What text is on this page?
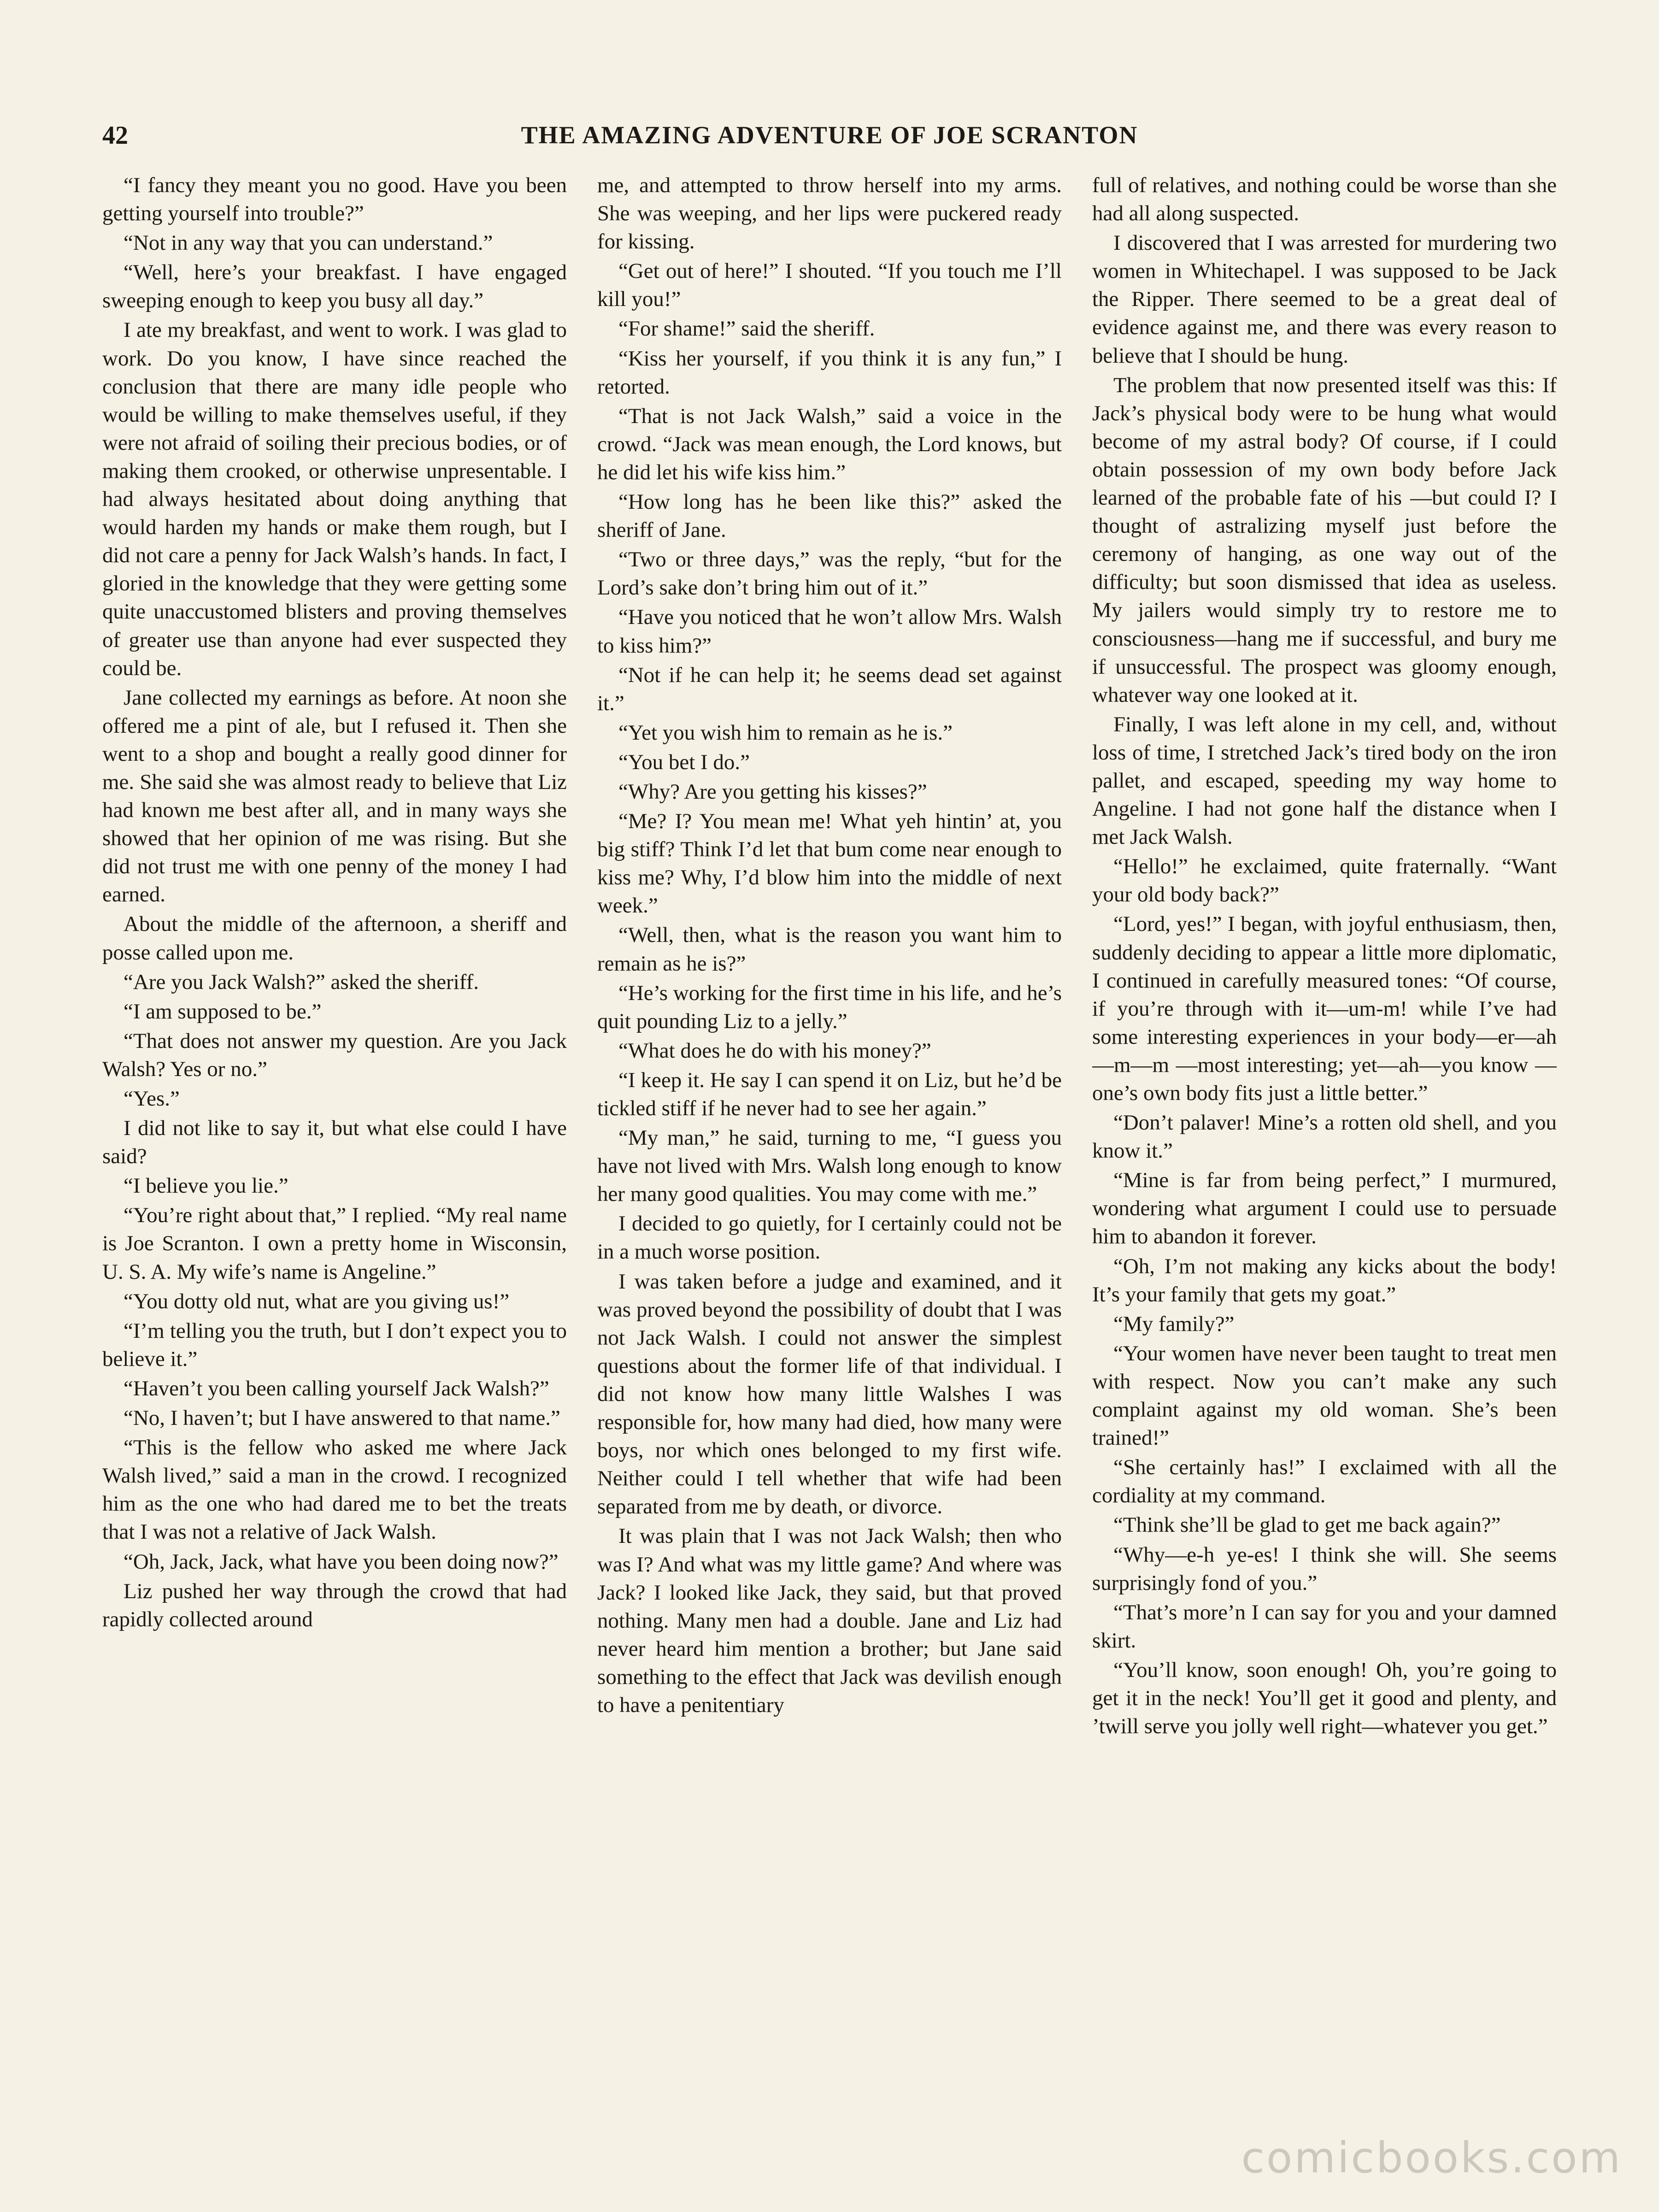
42	THE AMAZING ADVENTURE OF JOE SCRANTON

“I fancy they meant you no good. Have you been getting yourself into trouble?”

“Not in any way that you can understand.”

“Well, here’s your breakfast. I have engaged sweeping enough to keep you busy all day.”

I ate my breakfast, and went to work. I was glad to work. Do you know, I have since reached the conclusion that there are many idle people who would be willing to make themselves useful, if they were not afraid of soiling their precious bodies, or of making them crooked, or otherwise unpresentable. I had always hesitated about doing anything that would harden my hands or make them rough, but I did not care a penny for Jack Walsh’s hands. In fact, I gloried in the knowledge that they were getting some quite unaccustomed blisters and proving themselves of greater use than anyone had ever suspected they could be.

Jane collected my earnings as before. At noon she offered me a pint of ale, but I refused it. Then she went to a shop and bought a really good dinner for me. She said she was almost ready to believe that Liz had known me best after all, and in many ways she showed that her opinion of me was rising. But she did not trust me with one penny of the money I had earned.

About the middle of the afternoon, a sheriff and posse called upon me.

“Are you Jack Walsh?” asked the sheriff.

“I am supposed to be.”

“That does not answer my question. Are you Jack Walsh? Yes or no.”

“Yes.”

I did not like to say it, but what else could I have said?

“I believe you lie.”

“You’re right about that,” I replied. “My real name is Joe Scranton. I own a pretty home in Wisconsin, U. S. A. My wife’s name is Angeline.”

“You dotty old nut, what are you giving us!”

“I’m telling you the truth, but I don’t expect you to believe it.”

“Haven’t you been calling yourself Jack Walsh?”

“No, I haven’t; but I have answered to that name.”

“This is the fellow who asked me where Jack Walsh lived,” said a man in the crowd. I recognized him as the one who had dared me to bet the treats that I was not a relative of Jack Walsh.

“Oh, Jack, Jack, what have you been doing now?”

Liz pushed her way through the crowd that had rapidly collected around

me, and attempted to throw herself into my arms. She was weeping, and her lips were puckered ready for kissing.

“Get out of here!” I shouted. “If you touch me I’ll kill you!”

“For shame!” said the sheriff.

“Kiss her yourself, if you think it is any fun,” I retorted.

“That is not Jack Walsh,” said a voice in the crowd. “Jack was mean enough, the Lord knows, but he did let his wife kiss him.”

“How long has he been like this?” asked the sheriff of Jane.

“Two or three days,” was the reply, “but for the Lord’s sake don’t bring him out of it.”

“Have you noticed that he won’t allow Mrs. Walsh to kiss him?”

“Not if he can help it; he seems dead set against it.”

“Yet you wish him to remain as he is.”

“You bet I do.”

“Why? Are you getting his kisses?”

“Me? I? You mean me! What yeh hintin’ at, you big stiff? Think I’d let that bum come near enough to kiss me? Why, I’d blow him into the middle of next week.”

“Well, then, what is the reason you want him to remain as he is?”

“He’s working for the first time in his life, and he’s quit pounding Liz to a jelly.”

“What does he do with his money?”

“I keep it. He say I can spend it on Liz, but he’d be tickled stiff if he never had to see her again.”

“My man,” he said, turning to me, “I guess you have not lived with Mrs. Walsh long enough to know her many good qualities. You may come with me.”

I decided to go quietly, for I certainly could not be in a much worse position.

I was taken before a judge and examined, and it was proved beyond the possibility of doubt that I was not Jack Walsh. I could not answer the simplest questions about the former life of that individual. I did not know how many little Walshes I was responsible for, how many had died, how many were boys, nor which ones belonged to my first wife. Neither could I tell whether that wife had been separated from me by death, or divorce.

It was plain that I was not Jack Walsh; then who was I? And what was my little game? And where was Jack? I looked like Jack, they said, but that proved nothing. Many men had a double. Jane and Liz had never heard him mention a brother; but Jane said something to the effect that Jack was devilish enough to have a penitentiary

full of relatives, and nothing could be worse than she had all along suspected.

I discovered that I was arrested for murdering two women in Whitechapel. I was supposed to be Jack the Ripper. There seemed to be a great deal of evidence against me, and there was every reason to believe that I should be hung.

The problem that now presented itself was this: If Jack’s physical body were to be hung what would become of my astral body? Of course, if I could obtain possession of my own body before Jack learned of the probable fate of his —but could I? I thought of astralizing myself just before the ceremony of hanging, as one way out of the difficulty; but soon dismissed that idea as useless. My jailers would simply try to restore me to consciousness—hang me if successful, and bury me if unsuccessful. The prospect was gloomy enough, whatever way one looked at it.

Finally, I was left alone in my cell, and, without loss of time, I stretched Jack’s tired body on the iron pallet, and escaped, speeding my way home to Angeline. I had not gone half the distance when I met Jack Walsh.

“Hello!” he exclaimed, quite fraternally. “Want your old body back?”

“Lord, yes!” I began, with joyful enthusiasm, then, suddenly deciding to appear a little more diplomatic, I continued in carefully measured tones: “Of course, if you’re through with it—um-m! while I’ve had some interesting experiences in your body—er—ah—m—m —most interesting; yet—ah—you know —one’s own body fits just a little better.”

“Don’t palaver! Mine’s a rotten old shell, and you know it.”

“Mine is far from being perfect,” I murmured, wondering what argument I could use to persuade him to abandon it forever.

“Oh, I’m not making any kicks about the body! It’s your family that gets my goat.”

“My family?”

“Your women have never been taught to treat men with respect. Now you can’t make any such complaint against my old woman. She’s been trained!”

“She certainly has!” I exclaimed with all the cordiality at my command.

“Think she’ll be glad to get me back again?”

“Why—e-h ye-es! I think she will. She seems surprisingly fond of you.”

“That’s more’n I can say for you and your damned skirt.

“You’ll know, soon enough! Oh, you’re going to get it in the neck! You’ll get it good and plenty, and ’twill serve you jolly well right—whatever you get.”

comicbooks.com
